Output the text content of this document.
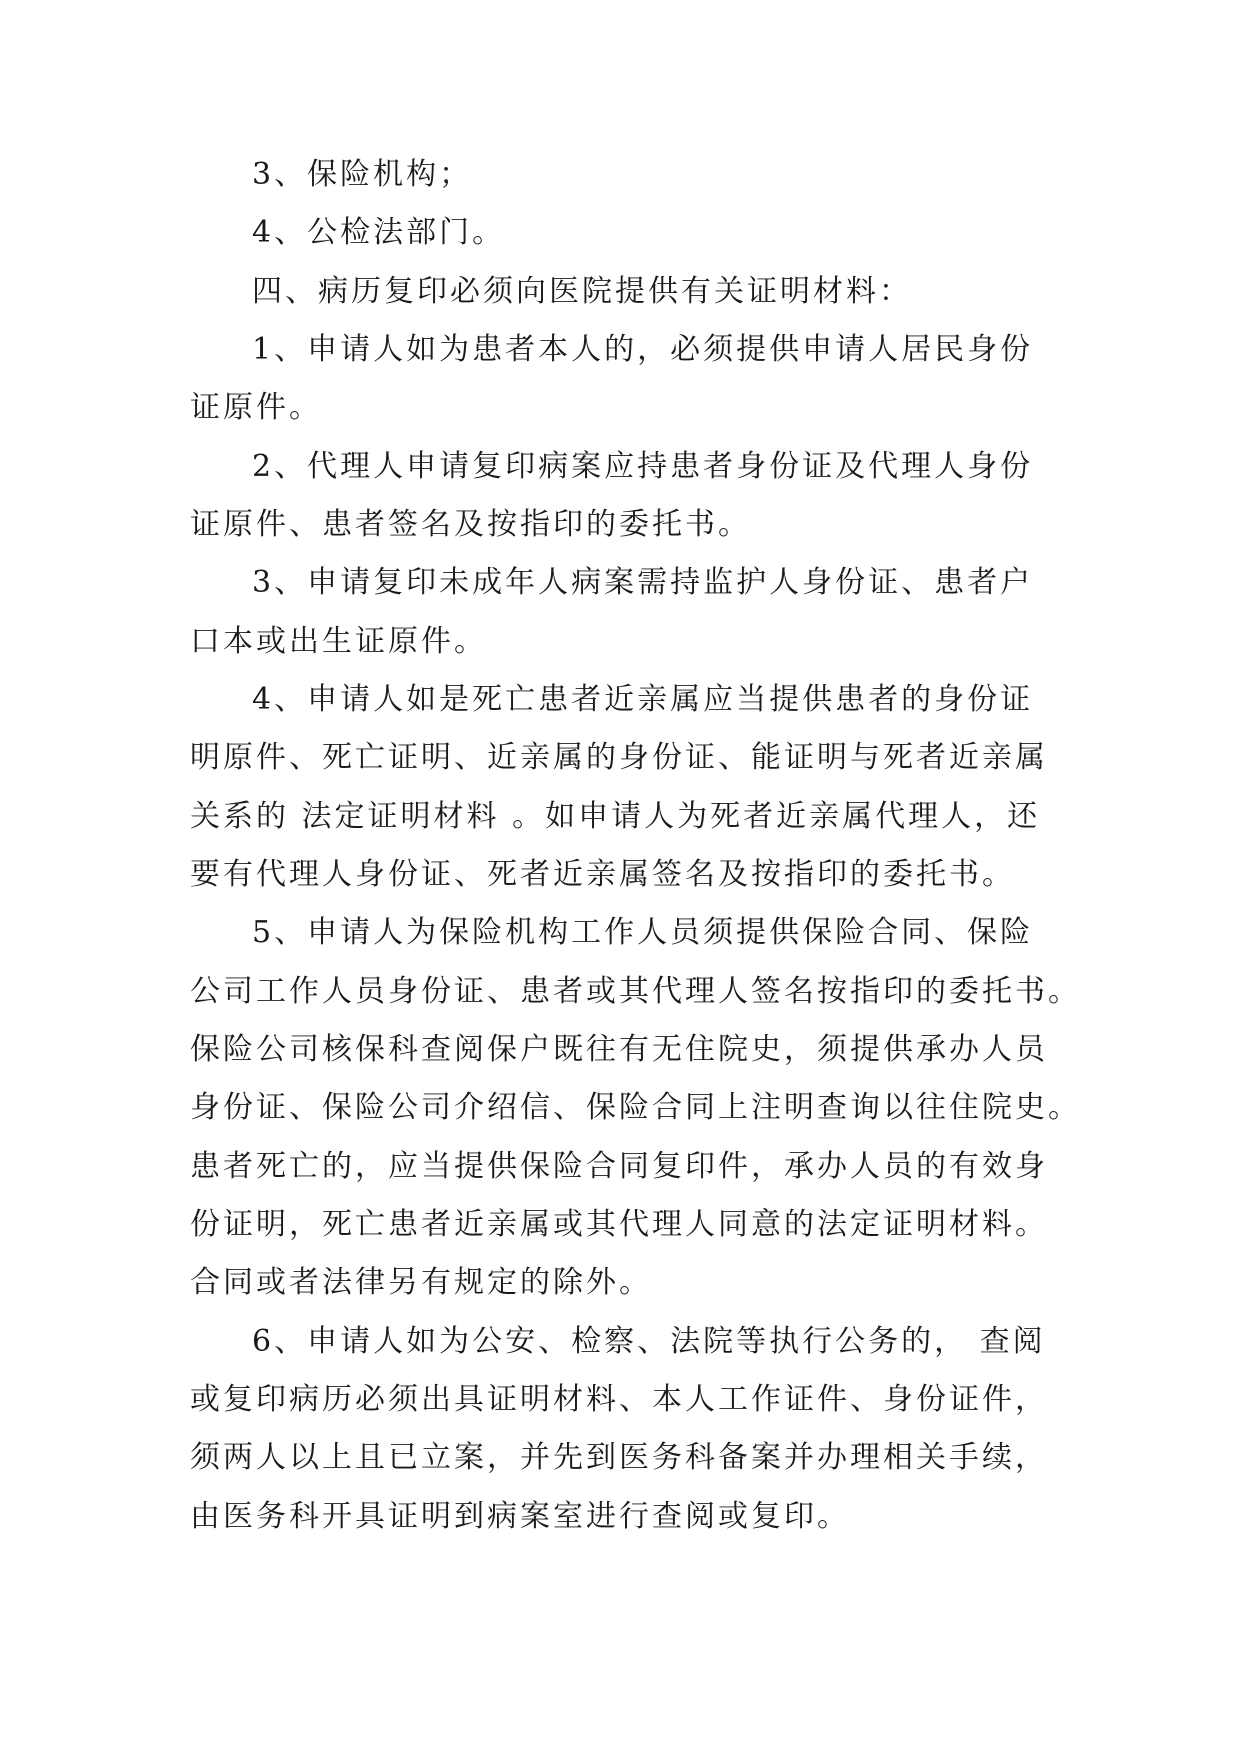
3、保险机构；
4、公检法部门。
四、病历复印必须向医院提供有关证明材料：
1、申请人如为患者本人的，必须提供申请人居民身份
证原件。
2、代理人申请复印病案应持患者身份证及代理人身份
证原件、患者签名及按指印的委托书。
3、申请复印未成年人病案需持监护人身份证、患者户
口本或出生证原件。
4、申请人如是死亡患者近亲属应当提供患者的身份证
明原件、死亡证明、近亲属的身份证、能证明与死者近亲属
关系的 法定证明材料 。如申请人为死者近亲属代理人，还
要有代理人身份证、死者近亲属签名及按指印的委托书。
5、申请人为保险机构工作人员须提供保险合同、保险
公司工作人员身份证、患者或其代理人签名按指印的委托书。
保险公司核保科查阅保户既往有无住院史，须提供承办人员
身份证、保险公司介绍信、保险合同上注明查询以往住院史。
患者死亡的，应当提供保险合同复印件，承办人员的有效身
份证明，死亡患者近亲属或其代理人同意的法定证明材料。
合同或者法律另有规定的除外。
6、申请人如为公安、检察、法院等执行公务的， 查阅
或复印病历必须出具证明材料、本人工作证件、身份证件，
须两人以上且已立案，并先到医务科备案并办理相关手续，
由医务科开具证明到病案室进行查阅或复印。
